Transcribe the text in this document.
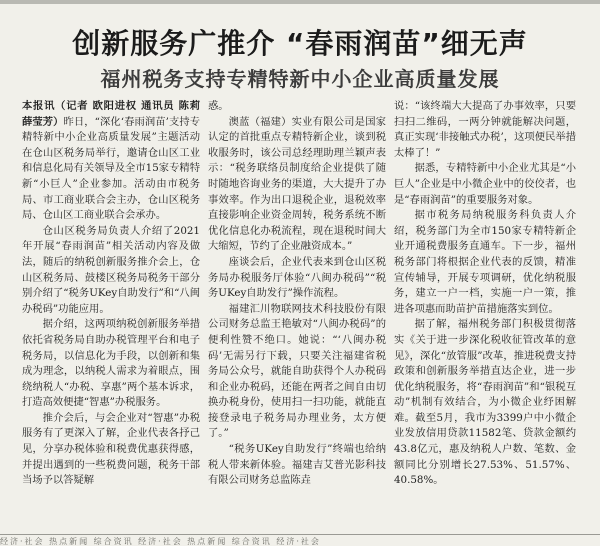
创新服务广推介 “春雨润苗”细无声
福州税务支持专精特新中小企业高质量发展

本报讯（记者 欧阳进权 通讯员 陈莉 薛莹芳）昨日，“深化‘春雨润苗’支持专精特新中小企业高质量发展”主题活动在仓山区税务局举行，邀请仓山区工业和信息化局有关领导及全市15家专精特新“小巨人”企业参加。活动由市税务局、市工商业联合会主办，仓山区税务局、仓山区工商业联合会承办。

仓山区税务局负责人介绍了2021年开展“春雨润苗”相关活动内容及做法，随后的纳税创新服务推介会上，仓山区税务局、鼓楼区税务局税务干部分别介绍了“税务UKey自助发行”和“八闽办税码”功能应用。

据介绍，这两项纳税创新服务举措依托省税务局自助办税管理平台和电子税务局，以信息化为手段，以创新和集成为理念，以纳税人需求为着眼点，围绕纳税人“办税、享惠”两个基本诉求，打造高效便捷“智惠”办税服务。

推介会后，与会企业对“智惠”办税服务有了更深入了解，企业代表各抒己见，分享办税体验和税费优惠获得感，并提出遇到的一些税费问题，税务干部当场予以答疑解

惑。

澳蓝（福建）实业有限公司是国家认定的首批重点专精特新企业，谈到税收服务时，该公司总经理助理兰颖声表示：“税务联络员制度给企业提供了随时随地咨询业务的渠道，大大提升了办事效率。作为出口退税企业，退税效率直接影响企业资金周转，税务系统不断优化信息化办税流程，现在退税时间大大缩短，节约了企业融资成本。”

座谈会后，企业代表来到仓山区税务局办税服务厅体验“八闽办税码”“税务UKey自助发行”操作流程。

福建汇川物联网技术科技股份有限公司财务总监王艳敏对“八闽办税码”的便利性赞不绝口。她说：“‘八闽办税码’无需另行下载，只要关注福建省税务局公众号，就能自助获得个人办税码和企业办税码，还能在两者之间自由切换办税身份，使用扫一扫功能，就能直接登录电子税务局办理业务，太方便了。”

“税务UKey自助发行”终端也给纳税人带来新体验。福建吉艾普光影科技有限公司财务总监陈垚

说：“该终端大大提高了办事效率，只要扫扫二维码，一两分钟就能解决问题，真正实现‘非接触式办税’，这项便民举措太棒了！”

据悉，专精特新中小企业尤其是“小巨人”企业是中小微企业中的佼佼者，也是“春雨润苗”的重要服务对象。

据市税务局纳税服务科负责人介绍，税务部门为全市150家专精特新企业开通税费服务直通车。下一步，福州税务部门将根据企业代表的反馈，精准宣传辅导，开展专项调研，优化纳税服务，建立一户一档，实施一户一策，推进各项惠而助苗护苗措施落实到位。

据了解，福州税务部门积极贯彻落实《关于进一步深化税收征管改革的意见》，深化“放管服”改革，推进税费支持政策和创新服务举措直达企业，进一步优化纳税服务，将“春雨润苗”和“银税互动”机制有效结合，为小微企业纾困解难。截至5月，我市为3399户中小微企业发放信用贷款11582笔、贷款金额约43.8亿元，惠及纳税人户数、笔数、金额同比分别增长27.53%、51.57%、40.58%。

经济·社会 热点新闻 综合资讯 经济·社会 热点新闻 综合资讯 经济·社会
